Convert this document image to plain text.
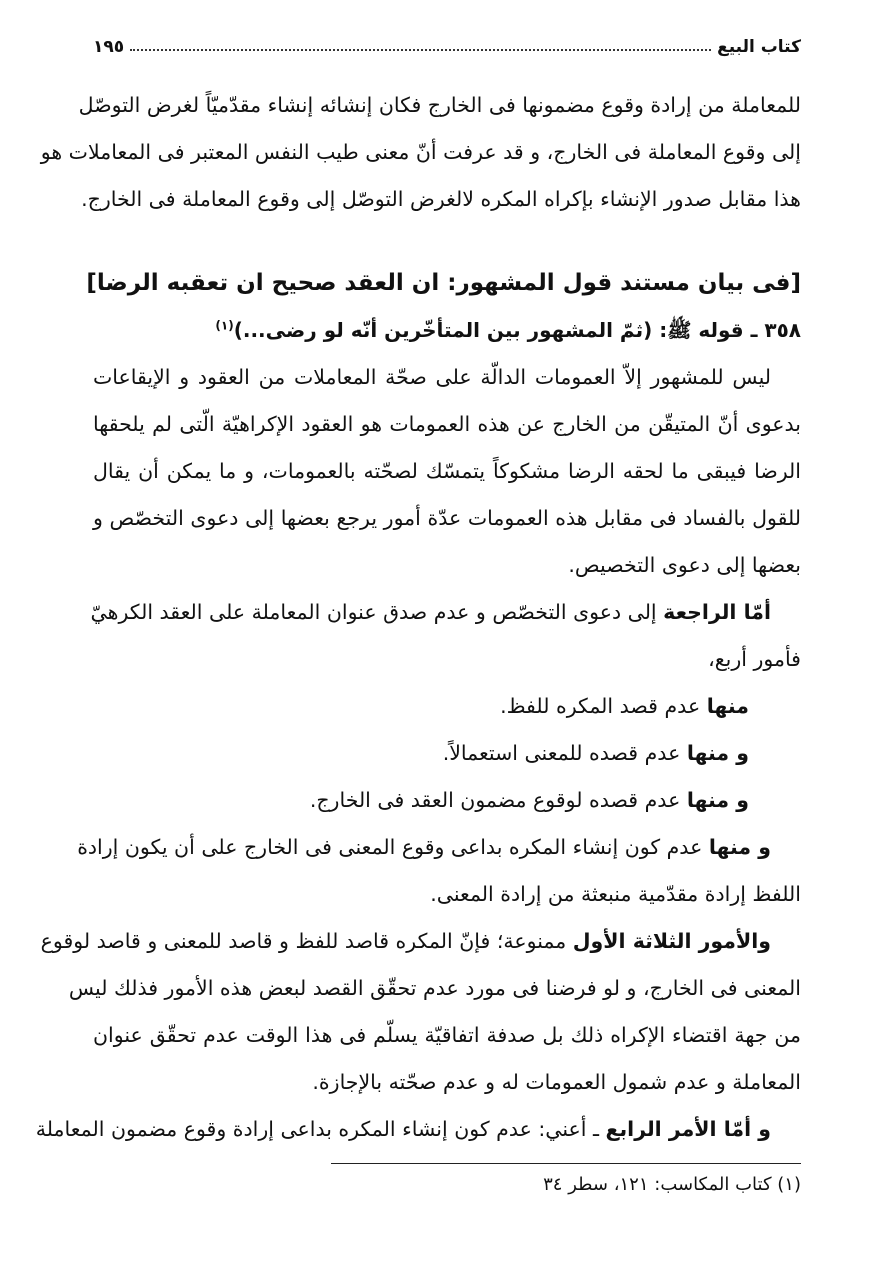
كتاب البيع
١٩٥
للمعاملة من إرادة وقوع مضمونها فى الخارج فكان إنشائه إنشاء مقدّميّاً لغرض التوصّل
إلى وقوع المعاملة فى الخارج، و قد عرفت أنّ معنى طيب النفس المعتبر فى المعاملات هو
هذا مقابل صدور الإنشاء بإكراه المكره لالغرض التوصّل إلى وقوع المعاملة فى الخارج.
[فى بيان مستند قول المشهور: ان العقد صحيح ان تعقبه الرضا]
٣٥٨ ـ قوله ﷺ: (ثمّ المشهور بين المتأخّرين أنّه لو رضى...)$^{(١)}$
ليس للمشهور إلاّ العمومات الدالّة على صحّة المعاملات من العقود و الإيقاعات
بدعوى أنّ المتيقّن من الخارج عن هذه العمومات هو العقود الإكراهيّة الّتى لم يلحقها
الرضا فيبقى ما لحقه الرضا مشكوكاً يتمسّك لصحّته بالعمومات، و ما يمكن أن يقال
للقول بالفساد فى مقابل هذه العمومات عدّة أمور يرجع بعضها إلى دعوى التخصّص و
بعضها إلى دعوى التخصيص.
أمّا الراجعة إلى دعوى التخصّص و عدم صدق عنوان المعاملة على العقد الكرهيّ
فأمور أربع،
منها عدم قصد المكره للفظ.
و منها عدم قصده للمعنى استعمالاً.
و منها عدم قصده لوقوع مضمون العقد فى الخارج.
و منها عدم كون إنشاء المكره بداعى وقوع المعنى فى الخارج على أن يكون إرادة
اللفظ إرادة مقدّمية منبعثة من إرادة المعنى.
والأمور الثلاثة الأول ممنوعة؛ فإنّ المكره قاصد للفظ و قاصد للمعنى و قاصد لوقوع
المعنى فى الخارج، و لو فرضنا فى مورد عدم تحقّق القصد لبعض هذه الأمور فذلك ليس
من جهة اقتضاء الإكراه ذلك بل صدفة اتفاقيّة يسلّم فى هذا الوقت عدم تحقّق عنوان
المعاملة و عدم شمول العمومات له و عدم صحّته بالإجازة.
و أمّا الأمر الرابع ـ أعني: عدم كون إنشاء المكره بداعى إرادة وقوع مضمون المعاملة
(١) كتاب المكاسب: ١٢١، سطر ٣٤
